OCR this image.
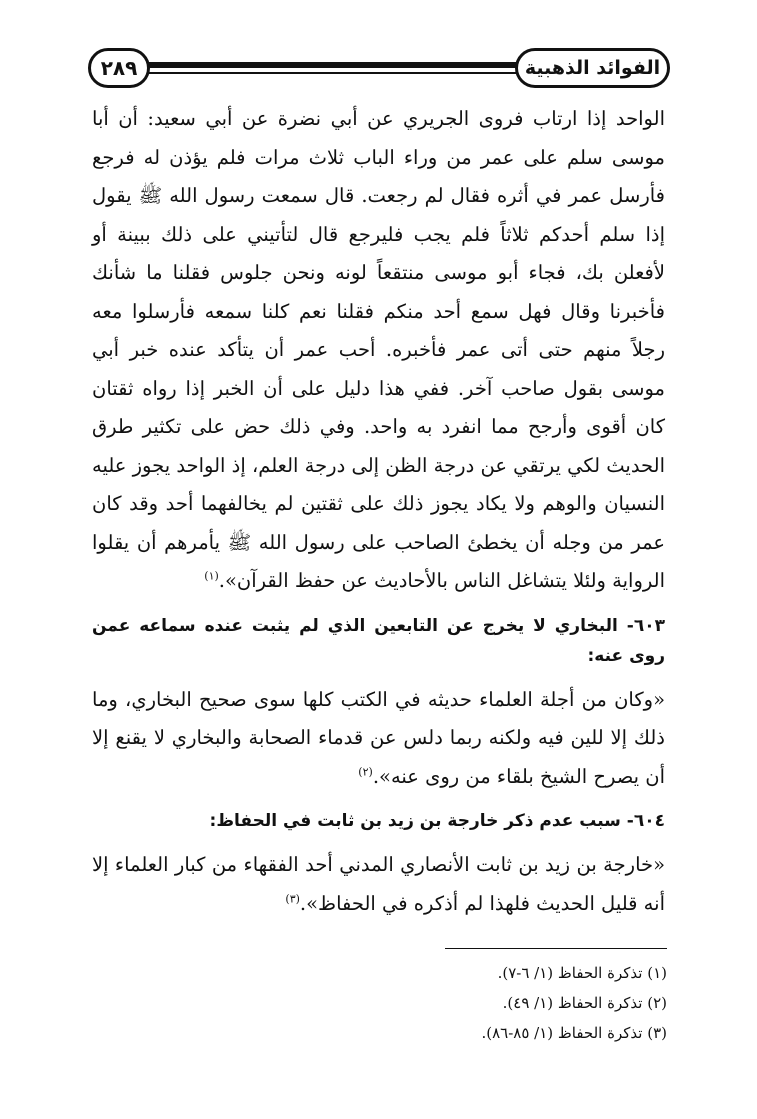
الفوائد الذهبية
٢٨٩

الواحد إذا ارتاب فروى الجريري عن أبي نضرة عن أبي سعيد: أن أبا موسى سلم على عمر من وراء الباب ثلاث مرات فلم يؤذن له فرجع فأرسل عمر في أثره فقال لم رجعت. قال سمعت رسول الله ﷺ يقول إذا سلم أحدكم ثلاثاً فلم يجب فليرجع قال لتأتيني على ذلك ببينة أو لأفعلن بك، فجاء أبو موسى منتقعاً لونه ونحن جلوس فقلنا ما شأنك فأخبرنا وقال فهل سمع أحد منكم فقلنا نعم كلنا سمعه فأرسلوا معه رجلاً منهم حتى أتى عمر فأخبره. أحب عمر أن يتأكد عنده خبر أبي موسى بقول صاحب آخر. ففي هذا دليل على أن الخبر إذا رواه ثقتان كان أقوى وأرجح مما انفرد به واحد. وفي ذلك حض على تكثير طرق الحديث لكي يرتقي عن درجة الظن إلى درجة العلم، إذ الواحد يجوز عليه النسيان والوهم ولا يكاد يجوز ذلك على ثقتين لم يخالفهما أحد وقد كان عمر من وجله أن يخطئ الصاحب على رسول الله ﷺ يأمرهم أن يقلوا الرواية ولئلا يتشاغل الناس بالأحاديث عن حفظ القرآن».$^{(١)}$

٦٠٣- البخاري لا يخرج عن التابعين الذي لم يثبت عنده سماعه عمن روى عنه:

«وكان من أجلة العلماء حديثه في الكتب كلها سوى صحيح البخاري، وما ذلك إلا للين فيه ولكنه ربما دلس عن قدماء الصحابة والبخاري لا يقنع إلا أن يصرح الشيخ بلقاء من روى عنه».$^{(٢)}$

٦٠٤- سبب عدم ذكر خارجة بن زيد بن ثابت في الحفاظ:

«خارجة بن زيد بن ثابت الأنصاري المدني أحد الفقهاء من كبار العلماء إلا أنه قليل الحديث فلهذا لم أذكره في الحفاظ».$^{(٣)}$

(١) تذكرة الحفاظ (١/ ٦-٧).
(٢) تذكرة الحفاظ (١/ ٤٩).
(٣) تذكرة الحفاظ (١/ ٨٥-٨٦).
